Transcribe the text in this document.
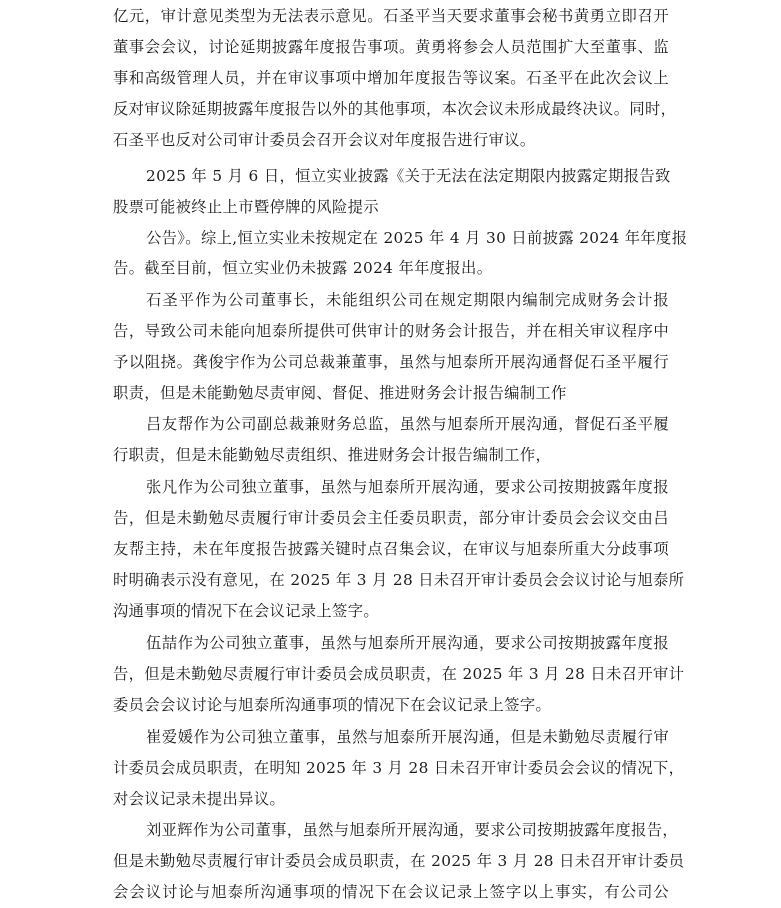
亿元，审计意见类型为无法表示意见。石圣平当天要求董事会秘书黄勇立即召开
董事会会议，讨论延期披露年度报告事项。黄勇将参会人员范围扩大至董事、监
事和高级管理人员，并在审议事项中增加年度报告等议案。石圣平在此次会议上
反对审议除延期披露年度报告以外的其他事项，本次会议未形成最终决议。同时，
石圣平也反对公司审计委员会召开会议对年度报告进行审议。
2025 年 5 月 6 日，恒立实业披露《关于无法在法定期限内披露定期报告致
股票可能被终止上市暨停牌的风险提示
公告》。综上,恒立实业未按规定在 2025 年 4 月 30 日前披露 2024 年年度报
告。截至目前，恒立实业仍未披露 2024 年年度报出。
石圣平作为公司董事长，未能组织公司在规定期限内编制完成财务会计报
告，导致公司未能向旭泰所提供可供审计的财务会计报告，并在相关审议程序中
予以阻挠。龚俊宇作为公司总裁兼董事，虽然与旭泰所开展沟通督促石圣平履行
职责，但是未能勤勉尽责审阅、督促、推进财务会计报告编制工作
吕友帮作为公司副总裁兼财务总监，虽然与旭泰所开展沟通，督促石圣平履
行职责，但是未能勤勉尽责组织、推进财务会计报告编制工作，
张凡作为公司独立董事，虽然与旭泰所开展沟通，要求公司按期披露年度报
告，但是未勤勉尽责履行审计委员会主任委员职责，部分审计委员会会议交由吕
友帮主持，未在年度报告披露关键时点召集会议，在审议与旭泰所重大分歧事项
时明确表示没有意见，在 2025 年 3 月 28 日未召开审计委员会会议讨论与旭泰所
沟通事项的情况下在会议记录上签字。
伍喆作为公司独立董事，虽然与旭泰所开展沟通，要求公司按期披露年度报
告，但是未勤勉尽责履行审计委员会成员职责，在 2025 年 3 月 28 日未召开审计
委员会会议讨论与旭泰所沟通事项的情况下在会议记录上签字。
崔爱媛作为公司独立董事，虽然与旭泰所开展沟通，但是未勤勉尽责履行审
计委员会成员职责，在明知 2025 年 3 月 28 日未召开审计委员会会议的情况下，
对会议记录未提出异议。
刘亚辉作为公司董事，虽然与旭泰所开展沟通，要求公司按期披露年度报告，
但是未勤勉尽责履行审计委员会成员职责，在 2025 年 3 月 28 日未召开审计委员
会会议讨论与旭泰所沟通事项的情况下在会议记录上签字以上事实，有公司公
